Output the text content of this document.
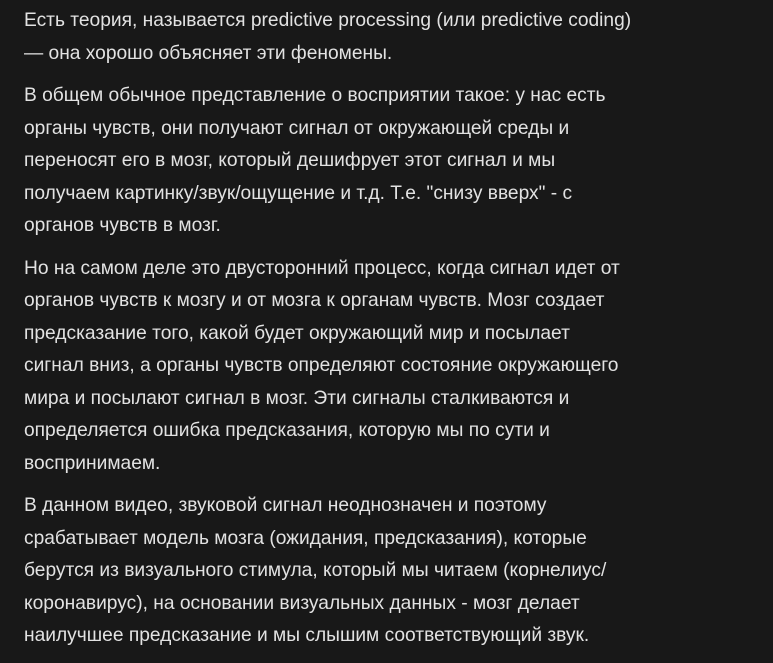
Есть теория, называется predictive processing (или predictive coding)
— она хорошо объясняет эти феномены.

В общем обычное представление о восприятии такое: у нас есть
органы чувств, они получают сигнал от окружающей среды и
переносят его в мозг, который дешифрует этот сигнал и мы
получаем картинку/звук/ощущение и т.д. Т.е. "снизу вверх" - с
органов чувств в мозг.

Но на самом деле это двусторонний процесс, когда сигнал идет от
органов чувств к мозгу и от мозга к органам чувств. Мозг создает
предсказание того, какой будет окружающий мир и посылает
сигнал вниз, а органы чувств определяют состояние окружающего
мира и посылают сигнал в мозг. Эти сигналы сталкиваются и
определяется ошибка предсказания, которую мы по сути и
воспринимаем.

В данном видео, звуковой сигнал неоднозначен и поэтому
срабатывает модель мозга (ожидания, предсказания), которые
берутся из визуального стимула, который мы читаем (корнелиус/
коронавирус), на основании визуальных данных - мозг делает
наилучшее предсказание и мы слышим соответствующий звук.
